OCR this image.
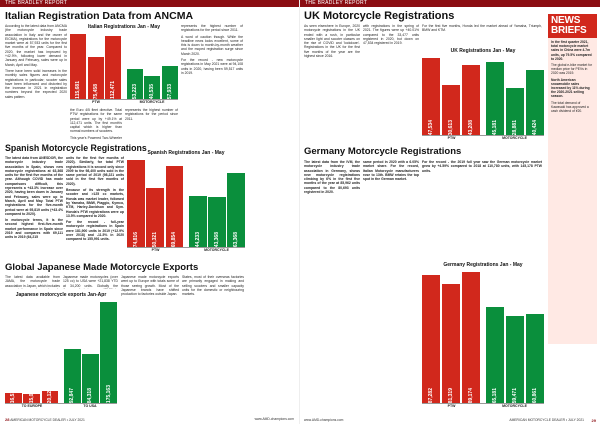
THE BRADLEY REPORT
Italian Registration Data from ANCMA

According to the latest data from ANCMA (the motorcycle industry trade association in Italy and the owner of EICMA), registrations for the motorcycle market were at 57,933 units for the first five months of the year. Compared to 2020, the market has improved by +42.9%, following lower demand in January and February, sales were up in March, April and May.

There have been solid increases in the monthly sales figures and motorcycle registrations in particular; scooter sales have been influenced and distorted by the increase in 2021 in registration numbers beyond the expected 2020 sales pattern.

Italian Registrations Jan - May
115,681 75,458 112,471	53,223 40,535 57,933
PTW	MOTORCYCLE

the Euro 4/5 fleet directive. Total PTW registrations for the same period were up by +49.1% at 112,471 units. The first month's capital which is higher than normal numbers of scooters.

This year's Powered Two-Wheeler

represents the highest number of registrations for the period since 2011.

represents the highest number of registrations for the period since 2011.

A word of caution though. While the headline news looks excellent, some of this is down to month-by-month weather and the moped registration surge since March 2020.

For the record - new motorcycle registrations in May 2021 were at 94,108 units in 2020, having been 59,517 units in 2019.

Spanish Motorcycle Registrations

The latest data from ANESDOR, the motorcycle industry trade association in Spain, shows new motorcycle registrations at 63,368 units for the first five months of the year. Although COVID has made comparisons difficult, this represents a +43.3% increase over 2020, having been down in January and February, sales were up in March, April and May. Total PTW registrations for the five-month period were at 95,819 units (+43.4% compared to 2020).

In motorcycle terms, it is the second highest first-five-month market performance in Spain since 2019 and compares with 69,111 units in 2019 (64,215

units for the first five months of 2020). Similarly, for total PTW registrations it is second only since 2009 to the 98,400 units sold in the same period of 2019 (98,221 units sold in the first five months of 2020).

Because of its strength in the scooter and >125 cc markets, Honda was market leader, followed by Yamaha, BMW, Piaggio, Kymco, KTM, Harley-Davidson and Sym. Honda's PTW registrations were up 13.5% compared to 2020.

For the record - full-year motorcycle registrations in Spain were 181,900 units in 2019 (+12.9% over 2018) and -11.5% in 2020 compared to 155,991 units.

Spanish Registrations Jan - May
74,816	50,321	69,854	44,233	43,368	63,368
PTW	MOTORCYCLE
Global Japanese Made Motorcycle Exports

The latest data available from JAMA, the motorcycle trade association in Japan, which includes

Japanese made motorcycles (over 125 cc) to USA were +21,838 YTD at 34,200 units. Globally the

Japanese made motorcycle exports went up to Europe with totals some of those seeing growth. Most of the Japanese brands have shifted production to factories outside Japan.

States, most of their overseas factories are primarily engaged in making and selling scooters and smaller capacity units for the domestic or neighbouring markets.

Japanese motorcycle exports Jan-Apr
16,514 15,018 20,121	92,847 84,318 175,163
TO EUROPE	TO USA
28 AMERICAN MOTORCYCLE DEALER • JULY 2021	www.AMD-champions.com
THE BRADLEY REPORT
UK Motorcycle Registrations

As seen elsewhere in Europe, 2020 motorcycle registrations in the UK ended with a rush, in particular smaller light and scooter classes on the rise of COVID and 'lockdown'. Registrations in the UK for the first five months of the year are the highest since 2016.

with registrations in the spring of 2021. The figures were up +40.01% compared to the 33,477 units registered in 2020, but down on 47,534 registered in 2019.

For the first five months, Honda led the market ahead of Yamaha, Triumph, BMW and KTM.

UK Registrations Jan - May
47,534	30,613	43,208	45,181	28,881	40,424
PTW	MOTORCYCLE
Germany Motorcycle Registrations

The latest data from the IVM, the motorcycle industry trade association in Germany, shows new motorcycle registrations climbing by 6% in the first five months of the year at 85,962 units compared to the 80,693 units registered in 2020.

same period in 2020 with a 6.05% market share. For the record, Italian Motorcycle manufacturers rose to 13th. BMW retains the top spot in the German market.

For the record - the 2019 full year saw the German motorcycle market grow by +4.59% compared to 2018 at 110,780 units, with 145,178 PTW units.

Germany Registrations Jan - May
87,282	81,319	89,174	65,181	59,471	60,861
PTW	MOTORCYCLE
NEWS
BRIEFS

In the first quarter 2021, total motorcycle market sales in China were 4.7m units, up 79.5% compared to 2020.

The global e-bike market for median price for PEVs in 2020 was 2019.

North American snowmobile sales increased by 11% during the 2020-2021 selling season.

The total demand of Kawasaki has approved a cash dividend of ¥20.

www.AMD-champions.com	AMERICAN MOTORCYCLE DEALER • JULY 2021 29
